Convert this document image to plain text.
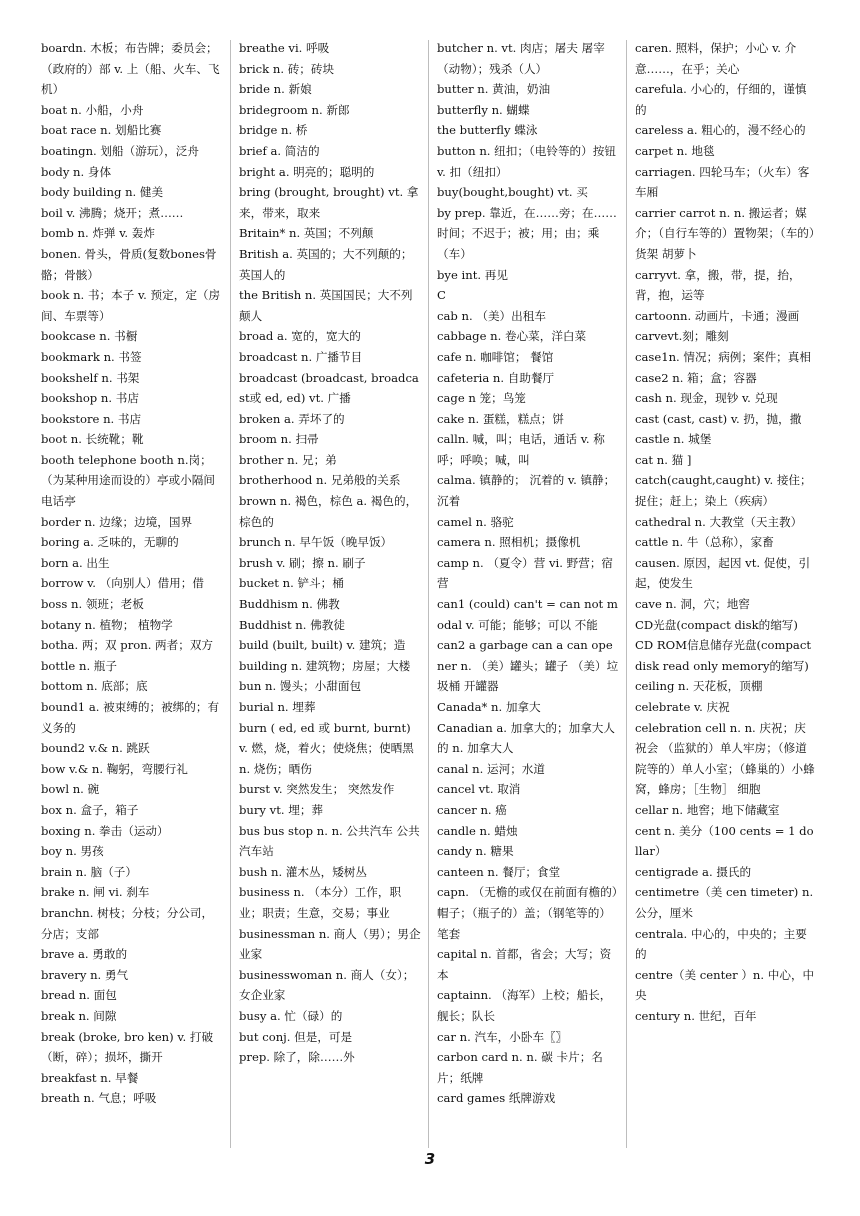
boardn. 木板；布告牌；委员会；（政府的）部 v. 上（船、火车、飞机）
boat n. 小船，小舟
boat race n. 划船比赛
boatingn. 划船（游玩），泛舟
body n. 身体
body building n. 健美
boil v. 沸腾；烧开；煮……
bomb n. 炸弹 v. 轰炸
bonen. 骨头，骨质(复数bones骨骼；骨骸）
book n. 书；本子 v. 预定，定（房间、车票等）
bookcase n. 书橱
bookmark n. 书签
bookshelf n. 书架
bookshop n. 书店
bookstore n. 书店
boot n. 长统靴；靴
booth telephone booth n.岗；（为某种用途而设的）亭或小隔间 电话亭
border n. 边缘；边境，国界
boring a. 乏味的，无聊的
born a. 出生
borrow v. （向别人）借用；借
boss n. 领班；老板
botany n. 植物； 植物学
botha. 两；双 pron. 两者；双方
bottle n. 瓶子
bottom n. 底部；底
bound1 a. 被束缚的；被绑的；有义务的
bound2 v.& n. 跳跃
bow v.& n. 鞠躬，弯腰行礼
bowl n. 碗
box n. 盒子，箱子
boxing n. 拳击（运动）
boy n. 男孩
brain n. 脑（子）
brake n. 闸 vi. 刹车
branchn. 树枝；分枝；分公司，分店；支部
brave a. 勇敢的
bravery n. 勇气
bread n. 面包
break n. 间隙
break (broke, bro ken) v. 打破（断，碎）；损坏，撕开
breakfast n. 早餐
breath n. 气息；呼吸
breathe vi. 呼吸
brick n. 砖；砖块
bride n. 新娘
bridegroom n. 新郎
bridge n. 桥
brief a. 简洁的
bright a. 明亮的；聪明的
bring (brought, brought) vt. 拿来，带来，取来
Britain* n. 英国；不列颠
British a. 英国的；大不列颠的；英国人的
the British n. 英国国民；大不列颠人
broad a. 宽的，宽大的
broadcast n. 广播节目
broadcast (broadcast, broadcast或 ed, ed) vt. 广播
broken a. 弄坏了的
broom n. 扫帚
brother n. 兄；弟
brotherhood n. 兄弟般的关系
brown n. 褐色，棕色 a. 褐色的，棕色的
brunch n. 早午饭（晚早饭）
brush v. 刷；擦 n. 刷子
bucket n. 铲斗；桶
Buddhism n. 佛教
Buddhist n. 佛教徒
build (built, built) v. 建筑；造
building n. 建筑物；房屋；大楼 bun n. 馒头；小甜面包
burial n. 埋葬
burn ( ed, ed 或 burnt, burnt) v. 燃，烧，着火；使烧焦；使晒黑 n. 烧伤；晒伤
burst v. 突然发生； 突然发作
bury vt. 埋；葬
bus bus stop n. n. 公共汽车 公共汽车站
bush n. 灌木丛，矮树丛
business n. （本分）工作，职业；职责；生意，交易；事业
businessman n. 商人（男）；男企业家
businesswoman n. 商人（女）；女企业家
busy a. 忙（碌）的
but conj. 但是，可是
prep. 除了，除……外
butcher n. vt. 肉店；屠夫 屠宰（动物）；残杀（人）
butter n. 黄油，奶油
butterfly n. 蝴蝶
the butterfly 蝶泳
button n. 纽扣；（电铃等的）按钮 v. 扣（纽扣）
buy(bought,bought) vt. 买
by prep. 靠近，在……旁；在……时间；不迟于；被；用；由；乘（车）
bye int. 再见
C
cab n. （美）出租车
cabbage n. 卷心菜，洋白菜
cafe n. 咖啡馆； 餐馆
cafeteria n. 自助餐厅
cage n 笼；鸟笼
cake n. 蛋糕，糕点；饼
calln. 喊，叫；电话，通话 v. 称呼；呼唤；喊，叫
calma. 镇静的； 沉着的 v. 镇静； 沉着
camel n. 骆驼
camera n. 照相机；摄像机
camp n. （夏令）营 vi. 野营；宿营
can1 (could) can't = can not modal v. 可能；能够；可以 不能
can2 a garbage can a can opener n. （美）罐头；罐子 （美）垃圾桶 开罐器
Canada* n. 加拿大
Canadian a. 加拿大的；加拿大人的 n. 加拿大人
canal n. 运河；水道
cancel vt. 取消
cancer n. 癌
candle n. 蜡烛
candy n. 糖果
canteen n. 餐厅；食堂
capn. （无檐的或仅在前面有檐的）帽子；（瓶子的）盖；（钢笔等的）笔套
capital n. 首都，省会；大写；资本
captainn. （海军）上校；船长，舰长；队长
car n. 汽车，小卧车〖〗
carbon card n. n. 碳 卡片；名片；纸牌
card games 纸牌游戏
caren. 照料，保护；小心 v. 介意……，在乎；关心
carefula. 小心的，仔细的，谨慎的
careless a. 粗心的，漫不经心的
carpet n. 地毯
carriagen. 四轮马车；（火车）客车厢
carrier carrot n. n. 搬运者；媒介；（自行车等的）置物架；（车的）货架 胡萝卜
carryvt. 拿，搬，带，提，抬，背，抱，运等
cartoonn. 动画片，卡通；漫画
carvevt.刻；雕刻
case1n. 情况；病例；案件；真相
case2 n. 箱；盒；容器
cash n. 现金，现钞 v. 兑现
cast (cast, cast) v. 扔，抛，撒
castle n. 城堡
cat n. 猫 ]
catch(caught,caught) v. 接住；捉住；赶上；染上（疾病）
cathedral n. 大教堂（天主教）
cattle n. 牛（总称），家畜
causen. 原因，起因 vt. 促使，引起，使发生
cave n. 洞，穴；地窖
CD光盘(compact disk的缩写)
CD ROM信息储存光盘(compact disk read only memory的缩写)
ceiling n. 天花板，顶棚
celebrate v. 庆祝
celebration cell n. n. 庆祝；庆祝会 （监狱的）单人牢房；（修道院等的）单人小室；（蜂巢的）小蜂窝，蜂房；［生物］ 细胞
cellar n. 地窖；地下储藏室
cent n. 美分（100 cents = 1 dollar）
centigrade a. 摄氏的
centimetre（美 cen timeter) n. 公分，厘米
centrala. 中心的，中央的；主要的
centre（美 center ）n. 中心，中央
century n. 世纪，百年
3
